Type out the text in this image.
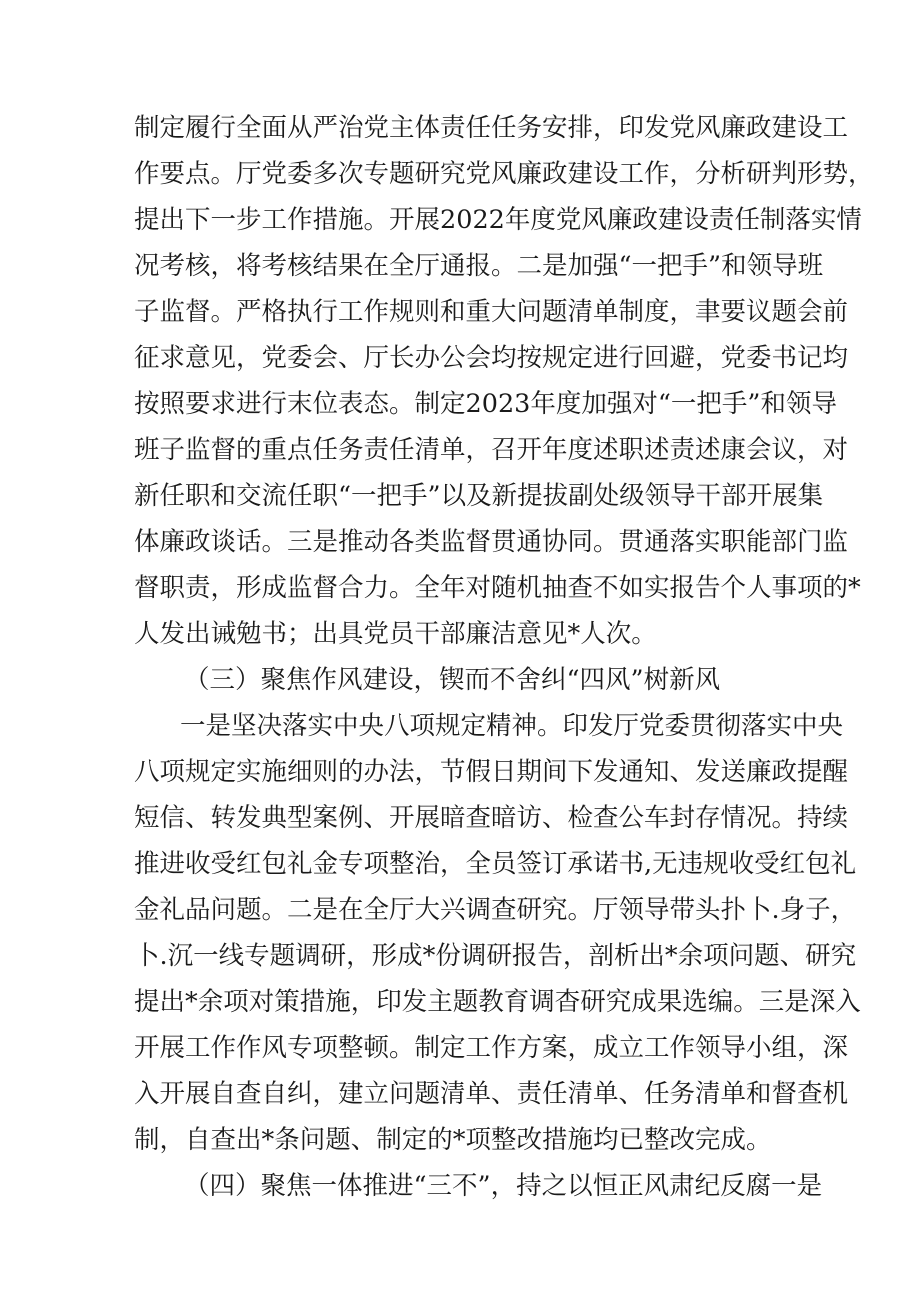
制定履行全面从严治党主体责任任务安排，印发党风廉政建设工
作要点。厅党委多次专题研究党风廉政建设工作，分析研判形势，
提出下一步工作措施。开展2022年度党风廉政建设责任制落实情
况考核，将考核结果在全厅通报。二是加强“一把手”和领导班
子监督。严格执行工作规则和重大问题清单制度，聿要议题会前
征求意见，党委会、厅长办公会均按规定进行回避，党委书记均
按照要求进行末位表态。制定2023年度加强对“一把手”和领导
班子监督的重点任务责任清单，召开年度述职述责述康会议，对
新任职和交流任职“一把手”以及新提拔副处级领导干部开展集
体廉政谈话。三是推动各类监督贯通协同。贯通落实职能部门监
督职责，形成监督合力。全年对随机抽查不如实报告个人事项的*
人发出诫勉书；出具党员干部廉洁意见*人次。
（三）聚焦作风建设，锲而不舍纠“四风”树新风
一是坚决落实中央八项规定精神。印发厅党委贯彻落实中央
八项规定实施细则的办法，节假日期间下发通知、发送廉政提醒
短信、转发典型案例、开展暗查暗访、检查公车封存情况。持续
推进收受红包礼金专项整治，全员签订承诺书,无违规收受红包礼
金礼品问题。二是在全厅大兴调查研究。厅领导带头扑卜.身子，
卜.沉一线专题调研，形成*份调研报告，剖析出*余项问题、研究
提出*余项对策措施，印发主题教育调杳研究成果选编。三是深入
开展工作作风专项整顿。制定工作方案，成立工作领导小组，深
入开展自查自纠，建立问题清单、责任清单、任务清单和督查机
制，自查出*条问题、制定的*项整改措施均已整改完成。
（四）聚焦一体推进“三不”，持之以恒正风肃纪反腐一是
